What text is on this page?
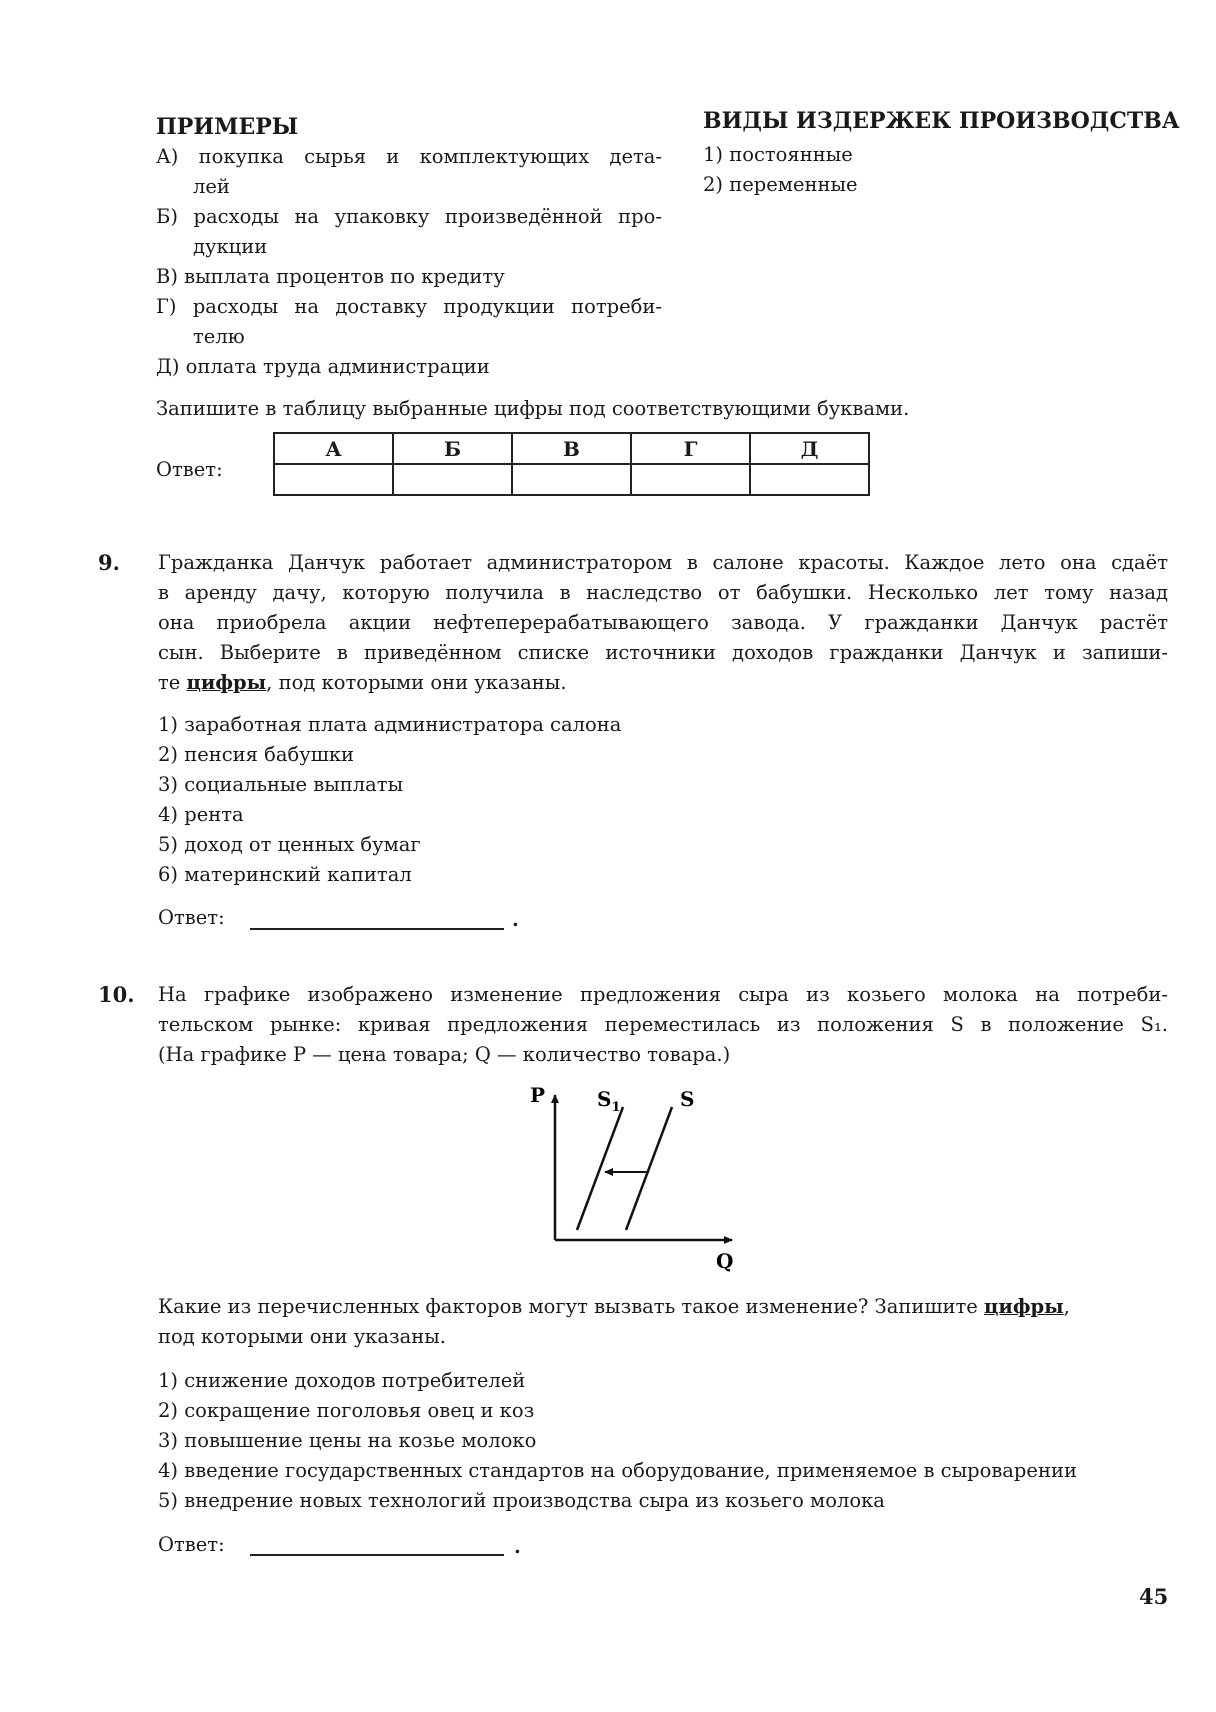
ПРИМЕРЫ	ВИДЫ ИЗДЕРЖЕК ПРОИЗВОДСТВА
А) покупка сырья и комплектующих дета-
лей
Б) расходы на упаковку произведённой про-
дукции
В) выплата процентов по кредиту
Г) расходы на доставку продукции потреби-
телю
Д) оплата труда администрации
1) постоянные
2) переменные
Запишите в таблицу выбранные цифры под соответствующими буквами.
Ответ:
А	Б	В	Г	Д

9. Гражданка Данчук работает администратором в салоне красоты. Каждое лето она сдаёт
в аренду дачу, которую получила в наследство от бабушки. Несколько лет тому назад
она приобрела акции нефтеперерабатывающего завода. У гражданки Данчук растёт
сын. Выберите в приведённом списке источники доходов гражданки Данчук и запиши-
те цифры, под которыми они указаны.
1) заработная плата администратора салона
2) пенсия бабушки
3) социальные выплаты
4) рента
5) доход от ценных бумаг
6) материнский капитал
Ответ:	.
10. На графике изображено изменение предложения сыра из козьего молока на потреби-
тельском рынке: кривая предложения переместилась из положения S в положение S₁.
(На графике P — цена товара; Q — количество товара.)
P
Q
$S_1$	S
Какие из перечисленных факторов могут вызвать такое изменение? Запишите цифры,
под которыми они указаны.
1) снижение доходов потребителей
2) сокращение поголовья овец и коз
3) повышение цены на козье молоко
4) введение государственных стандартов на оборудование, применяемое в сыроварении
5) внедрение новых технологий производства сыра из козьего молока
Ответ:	.
45
